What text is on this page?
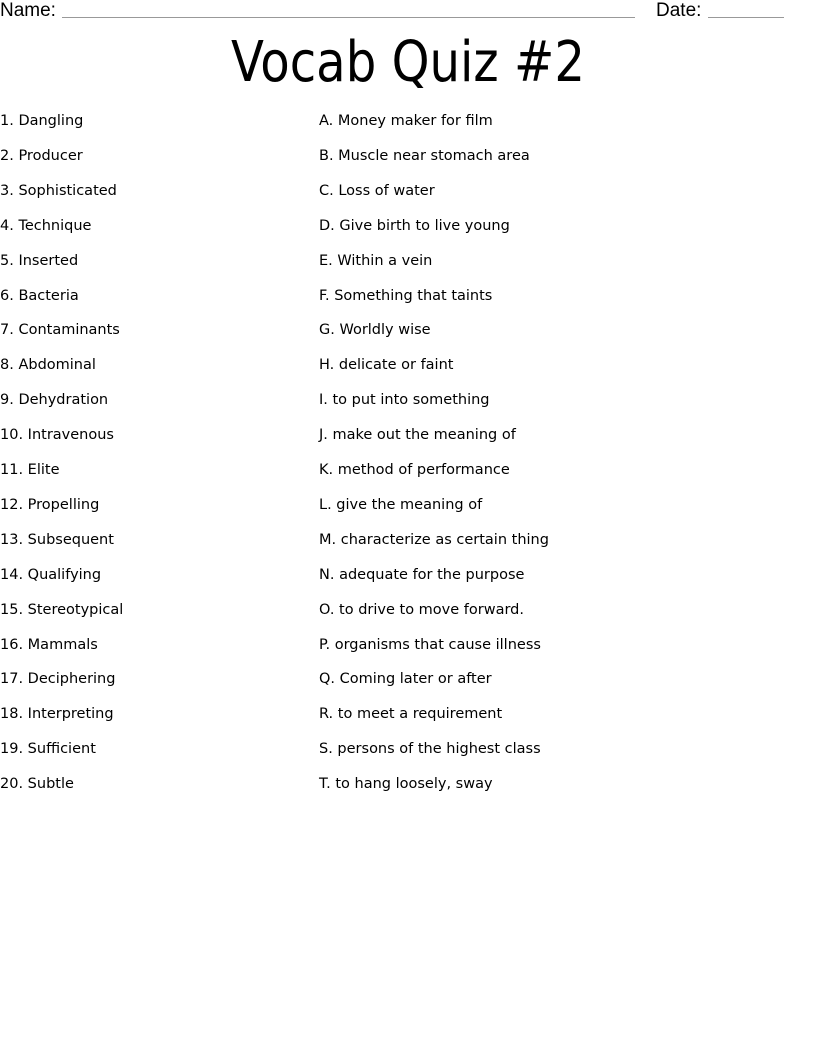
Name:	Date:
Vocab Quiz #2
1. Dangling	A. Money maker for film
2. Producer	B. Muscle near stomach area
3. Sophisticated	C. Loss of water
4. Technique	D. Give birth to live young
5. Inserted	E. Within a vein
6. Bacteria	F. Something that taints
7. Contaminants	G. Worldly wise
8. Abdominal	H. delicate or faint
9. Dehydration	I. to put into something
10. Intravenous	J. make out the meaning of
11. Elite	K. method of performance
12. Propelling	L. give the meaning of
13. Subsequent	M. characterize as certain thing
14. Qualifying	N. adequate for the purpose
15. Stereotypical	O. to drive to move forward.
16. Mammals	P. organisms that cause illness
17. Deciphering	Q. Coming later or after
18. Interpreting	R. to meet a requirement
19. Sufficient	S. persons of the highest class
20. Subtle	T. to hang loosely, sway
